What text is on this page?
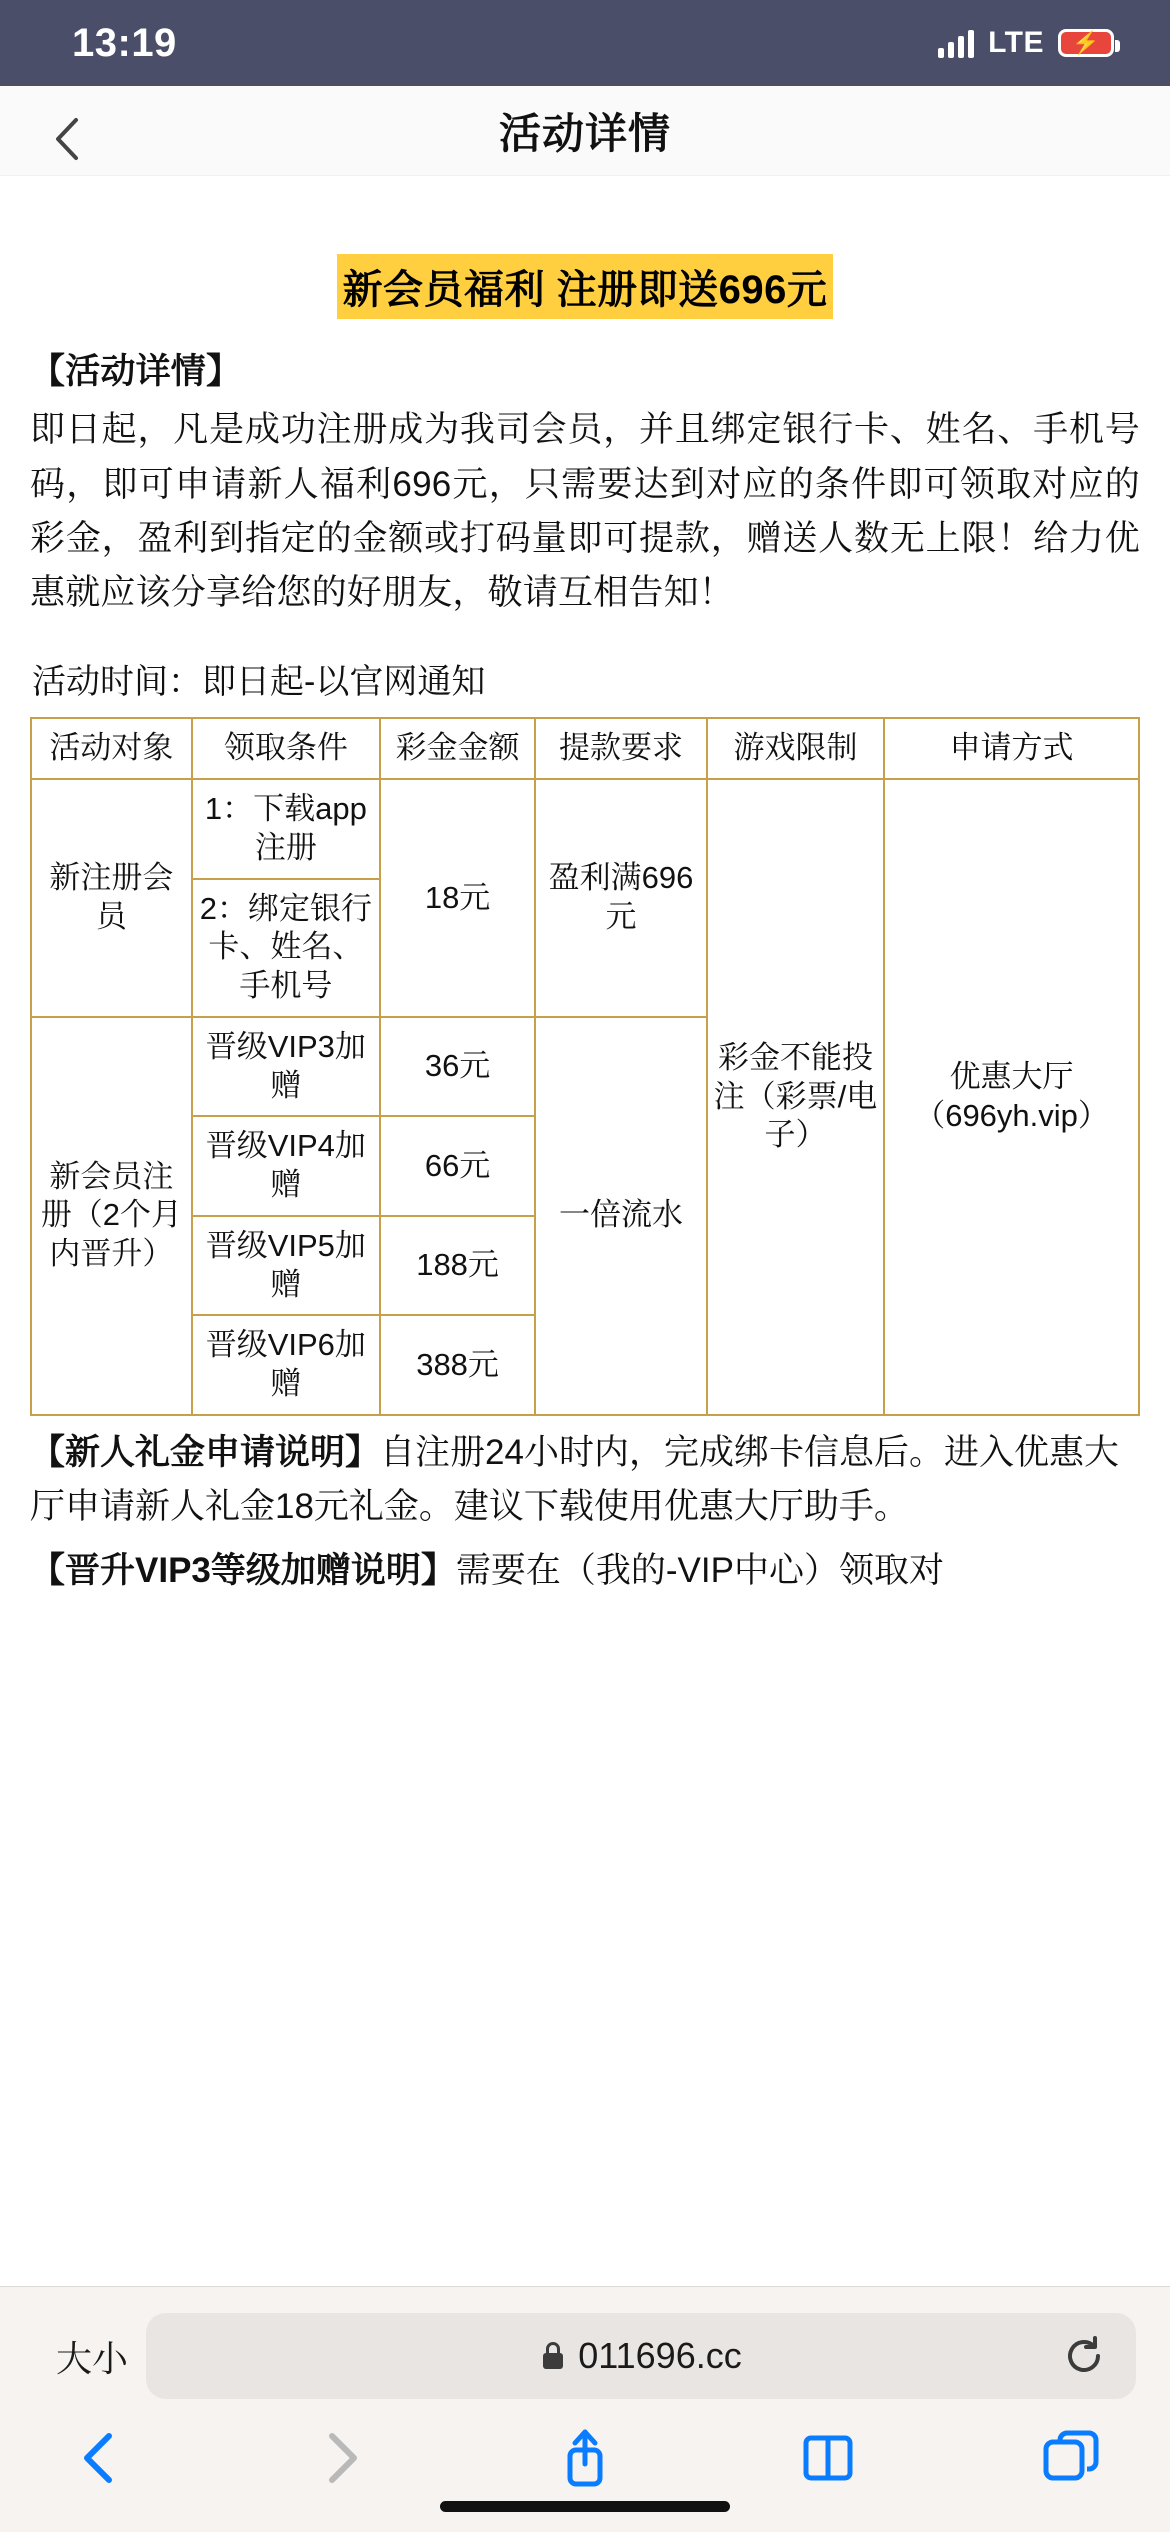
13:19	LTE ⚡
活动详情
新会员福利 注册即送696元
【活动详情】
即日起，凡是成功注册成为我司会员，并且绑定银行卡、姓名、手机号码，即可申请新人福利696元，只需要达到对应的条件即可领取对应的彩金，盈利到指定的金额或打码量即可提款，赠送人数无上限！给力优惠就应该分享给您的好朋友，敬请互相告知！
活动时间：即日起-以官网通知
活动对象	领取条件	彩金金额	提款要求	游戏限制	申请方式
新注册会员	1：下载app注册	18元	盈利满696元	彩金不能投注（彩票/电子）	优惠大厅（696yh.vip）
	2：绑定银行卡、姓名、手机号				
新会员注册（2个月内晋升）	晋级VIP3加赠	36元	一倍流水		
	晋级VIP4加赠	66元			
	晋级VIP5加赠	188元			
	晋级VIP6加赠	388元			
【新人礼金申请说明】自注册24小时内，完成绑卡信息后。进入优惠大厅申请新人礼金18元礼金。建议下载使用优惠大厅助手。
【晋升VIP3等级加赠说明】需要在（我的-VIP中心）领取对
大小	011696.cc
